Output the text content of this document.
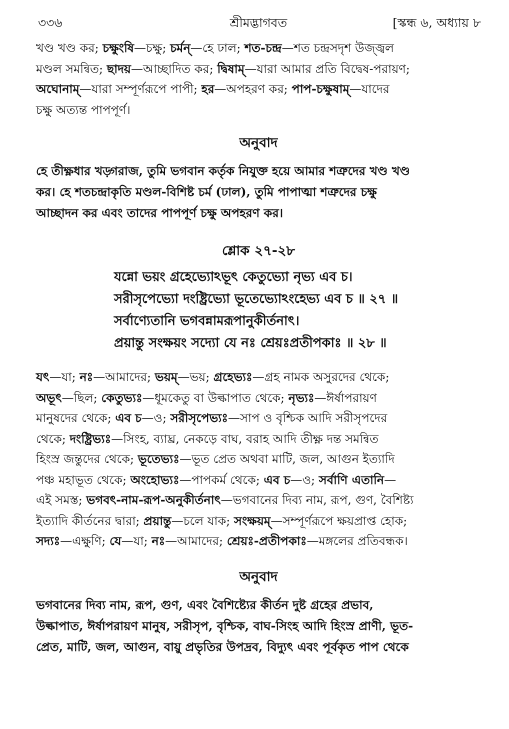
৩৩৬	শ্রীমদ্ভাগবত	[স্কন্ধ ৬, অধ্যায় ৮

খণ্ড খণ্ড কর; চক্ষুংষি—চক্ষু; চর্মন্—হে ঢাল; শত-চন্দ্র—শত চন্দ্রসদৃশ উজ্জ্বল

মণ্ডল সমন্বিত; ছাদয়—আচ্ছাদিত কর; দ্বিষাম্—যারা আমার প্রতি বিদ্বেষ-পরায়ণ;

অঘোনাম্—যারা সম্পূর্ণরূপে পাপী; হর—অপহরণ কর; পাপ-চক্ষুষাম্—যাদের

চক্ষু অত্যন্ত পাপপূর্ণ।

অনুবাদ

হে তীক্ষ্ণধার খড়্গরাজ, তুমি ভগবান কর্তৃক নিযুক্ত হয়ে আমার শত্রুদের খণ্ড খণ্ড

কর। হে শতচন্দ্রাকৃতি মণ্ডল-বিশিষ্ট চর্ম (ঢাল), তুমি পাপাত্মা শত্রুদের চক্ষু

আচ্ছাদন কর এবং তাদের পাপপূর্ণ চক্ষু অপহরণ কর।

শ্লোক ২৭-২৮

যন্নো ভয়ং গ্রহেভ্যোঽভূৎ কেতুভ্যো নৃভ্য এব চ।

সরীসৃপেভ্যো দংষ্ট্রিভ্যো ভূতেভ্যোঽংহেভ্য এব চ ॥ ২৭ ॥

সর্বাণ্যেতানি ভগবন্নামরূপানুকীর্তনাৎ।

প্রয়ান্তু সংক্ষয়ং সদ্যো যে নঃ শ্রেয়ঃপ্রতীপকাঃ ॥ ২৮ ॥

যৎ—যা; নঃ—আমাদের; ভয়ম্—ভয়; গ্রহেভ্যঃ—গ্রহ নামক অসুরদের থেকে;

অভূৎ—ছিল; কেতুভ্যঃ—ধূমকেতু বা উল্কাপাত থেকে; নৃভ্যঃ—ঈর্ষাপরায়ণ

মানুষদের থেকে; এব চ—ও; সরীসৃপেভ্যঃ—সাপ ও বৃশ্চিক আদি সরীসৃপদের

থেকে; দংষ্ট্রিভ্যঃ—সিংহ, ব্যাঘ্র, নেকড়ে বাঘ, বরাহ আদি তীক্ষ্ণ দন্ত সমন্বিত

হিংস্র জন্তুদের থেকে; ভূতেভ্যঃ—ভূত প্রেত অথবা মাটি, জল, আগুন ইত্যাদি

পঞ্চ মহাভূত থেকে; অংহোভ্যঃ—পাপকর্ম থেকে; এব চ—ও; সর্বাণি এতানি—

এই সমস্ত; ভগবৎ-নাম-রূপ-অনুকীর্তনাৎ—ভগবানের দিব্য নাম, রূপ, গুণ, বৈশিষ্ট্য

ইত্যাদি কীর্তনের দ্বারা; প্রয়ান্তু—চলে যাক; সংক্ষয়ম্—সম্পূর্ণরূপে ক্ষয়প্রাপ্ত হোক;

সদ্যঃ—এক্ষুণি; যে—যা; নঃ—আমাদের; শ্রেয়ঃ-প্রতীপকাঃ—মঙ্গলের প্রতিবন্ধক।

অনুবাদ

ভগবানের দিব্য নাম, রূপ, গুণ, এবং বৈশিষ্ট্যের কীর্তন দুষ্ট গ্রহের প্রভাব,

উল্কাপাত, ঈর্ষাপরায়ণ মানুষ, সরীসৃপ, বৃশ্চিক, বাঘ-সিংহ আদি হিংস্র প্রাণী, ভূত-

প্রেত, মাটি, জল, আগুন, বায়ু প্রভৃতির উপদ্রব, বিদ্যুৎ এবং পূর্বকৃত পাপ থেকে
